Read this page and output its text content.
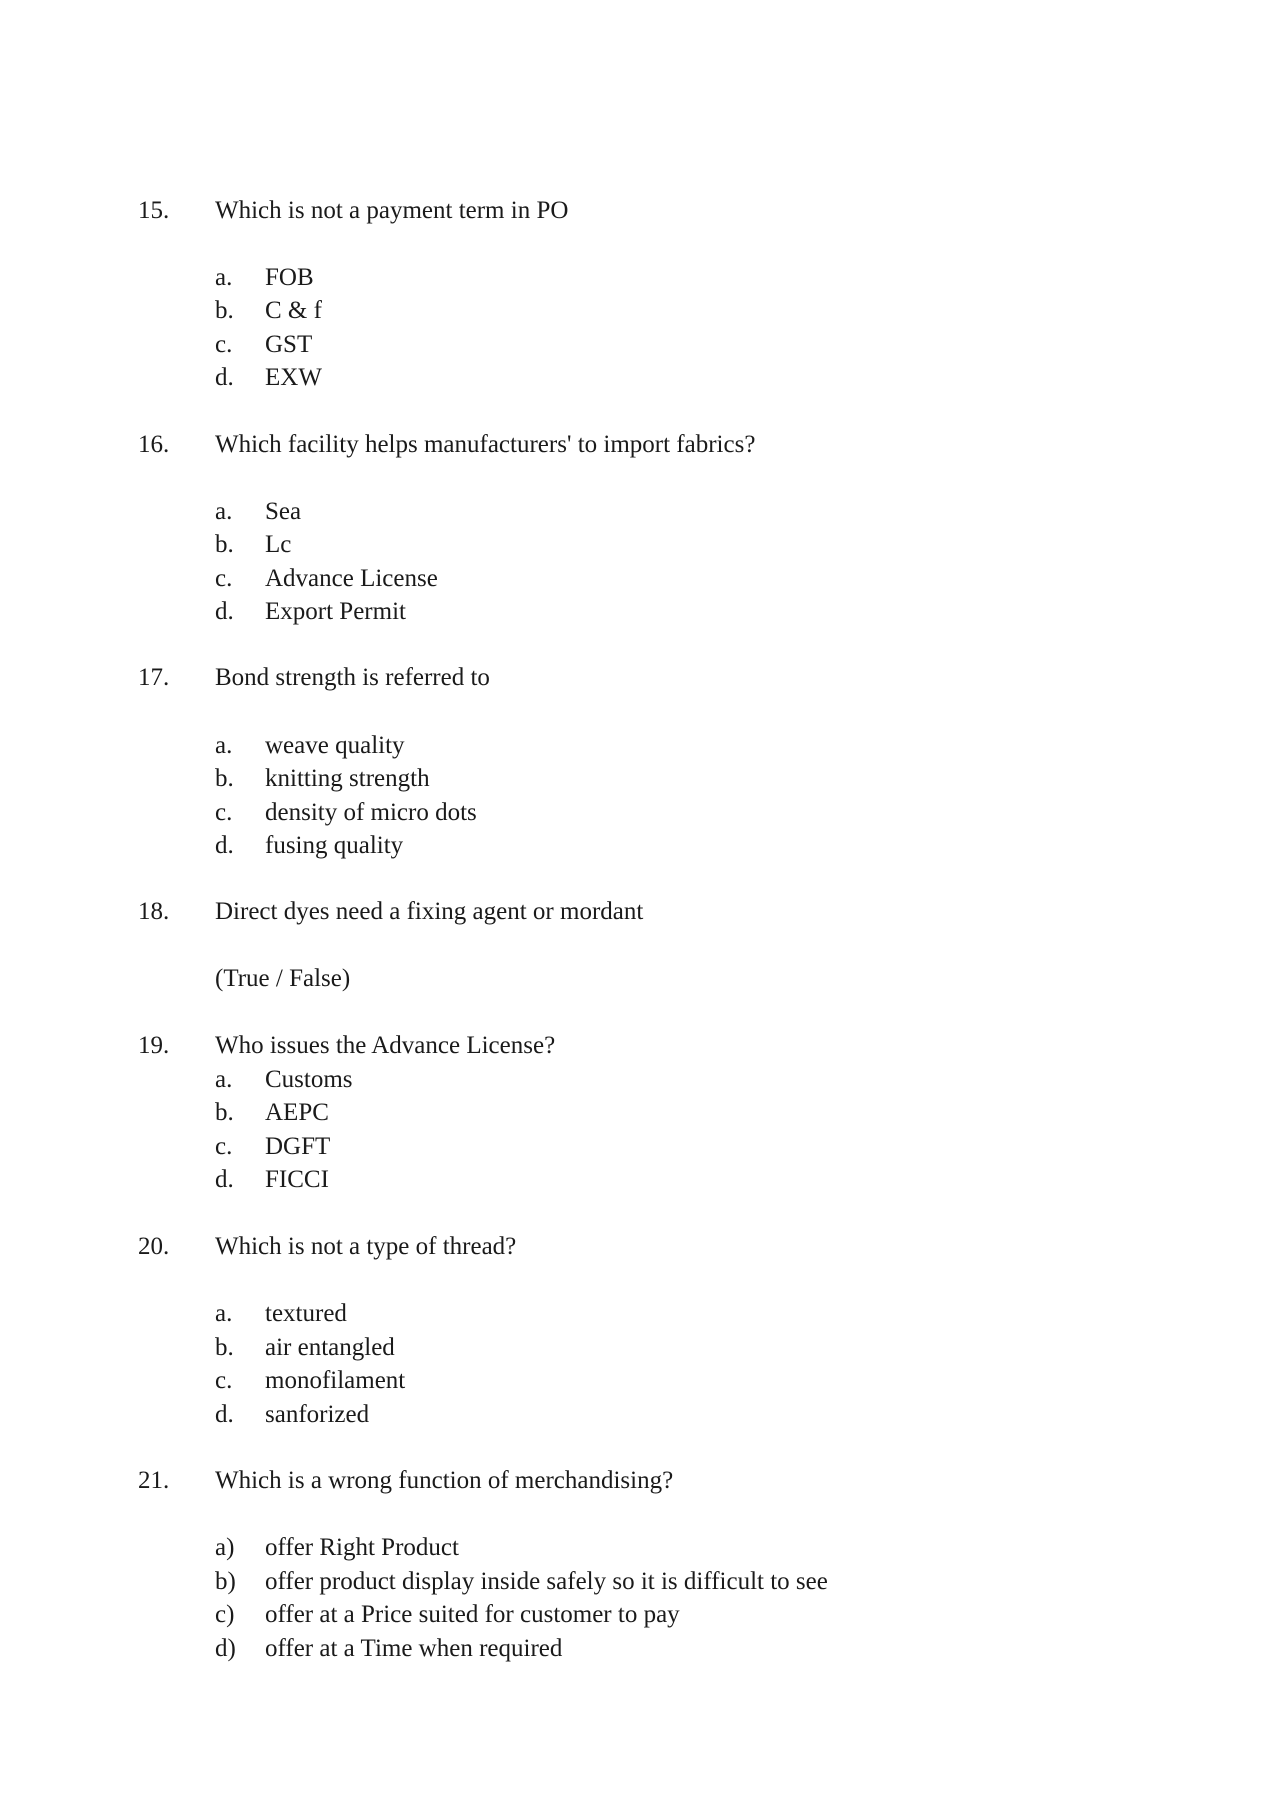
15. Which is not a payment term in PO
a. FOB
b. C & f
c. GST
d. EXW
16. Which facility helps manufacturers' to import fabrics?
a. Sea
b. Lc
c. Advance License
d. Export Permit
17. Bond strength is referred to
a. weave quality
b. knitting strength
c. density of micro dots
d. fusing quality
18. Direct dyes need a fixing agent or mordant
(True / False)
19. Who issues the Advance License?
a. Customs
b. AEPC
c. DGFT
d. FICCI
20. Which is not a type of thread?
a. textured
b. air entangled
c. monofilament
d. sanforized
21. Which is a wrong function of merchandising?
a) offer Right Product
b) offer product display inside safely so it is difficult to see
c) offer at a Price suited for customer to pay
d) offer at a Time when required
